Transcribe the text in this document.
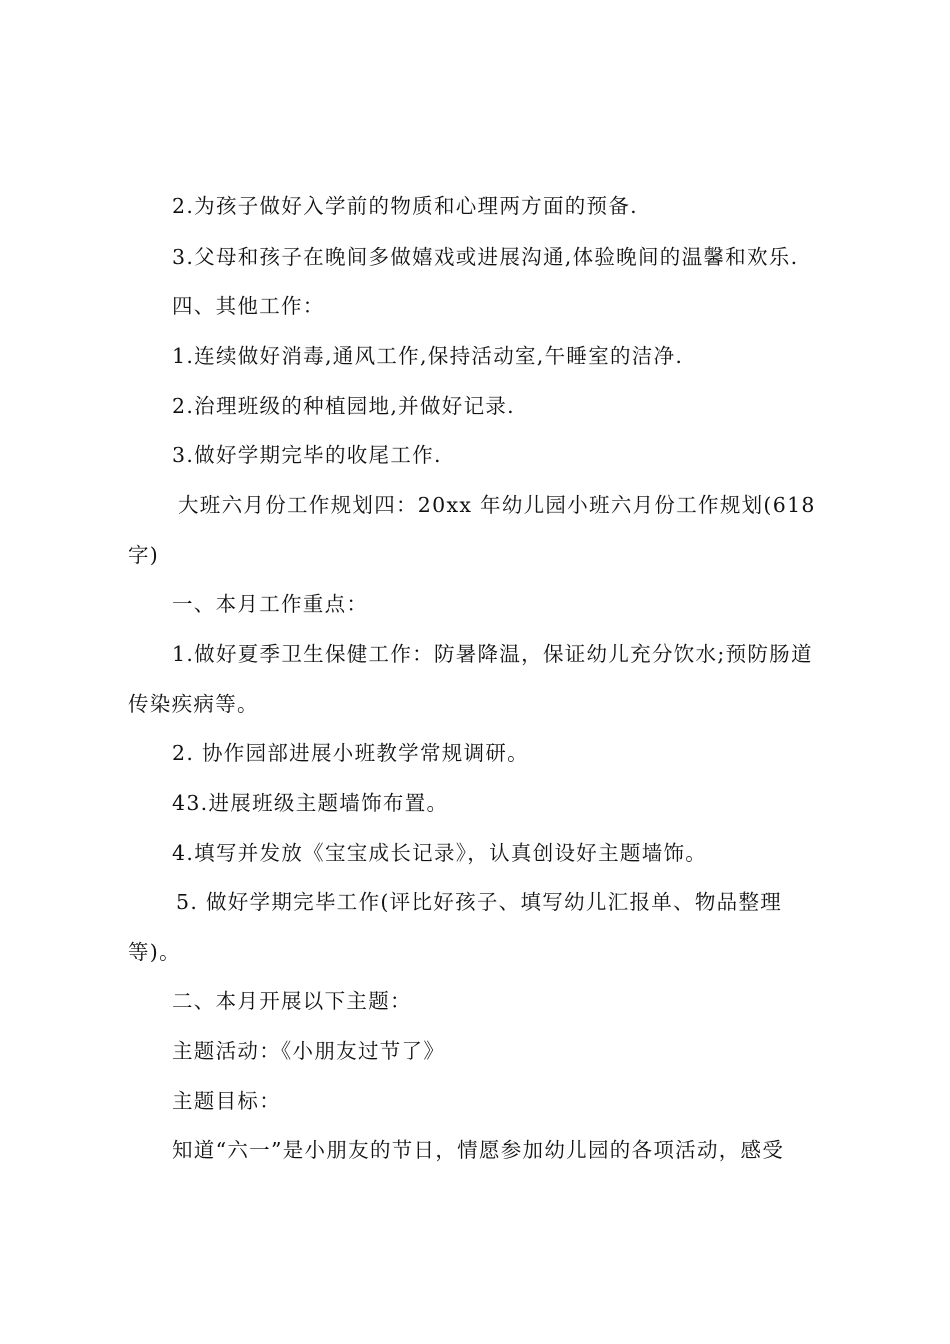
2.为孩子做好入学前的物质和心理两方面的预备.
3.父母和孩子在晚间多做嬉戏或进展沟通,体验晚间的温馨和欢乐.
四、其他工作：
1.连续做好消毒,通风工作,保持活动室,午睡室的洁净.
2.治理班级的种植园地,并做好记录.
3.做好学期完毕的收尾工作.
大班六月份工作规划四：20xx 年幼儿园小班六月份工作规划(618
字)
一、本月工作重点：
1.做好夏季卫生保健工作：防暑降温，保证幼儿充分饮水;预防肠道
传染疾病等。
2. 协作园部进展小班教学常规调研。
43.进展班级主题墙饰布置。
4.填写并发放《宝宝成长记录》，认真创设好主题墙饰。
5. 做好学期完毕工作(评比好孩子、填写幼儿汇报单、物品整理
等)。
二、本月开展以下主题：
主题活动：《小朋友过节了》
主题目标：
知道“六一”是小朋友的节日，情愿参加幼儿园的各项活动，感受
